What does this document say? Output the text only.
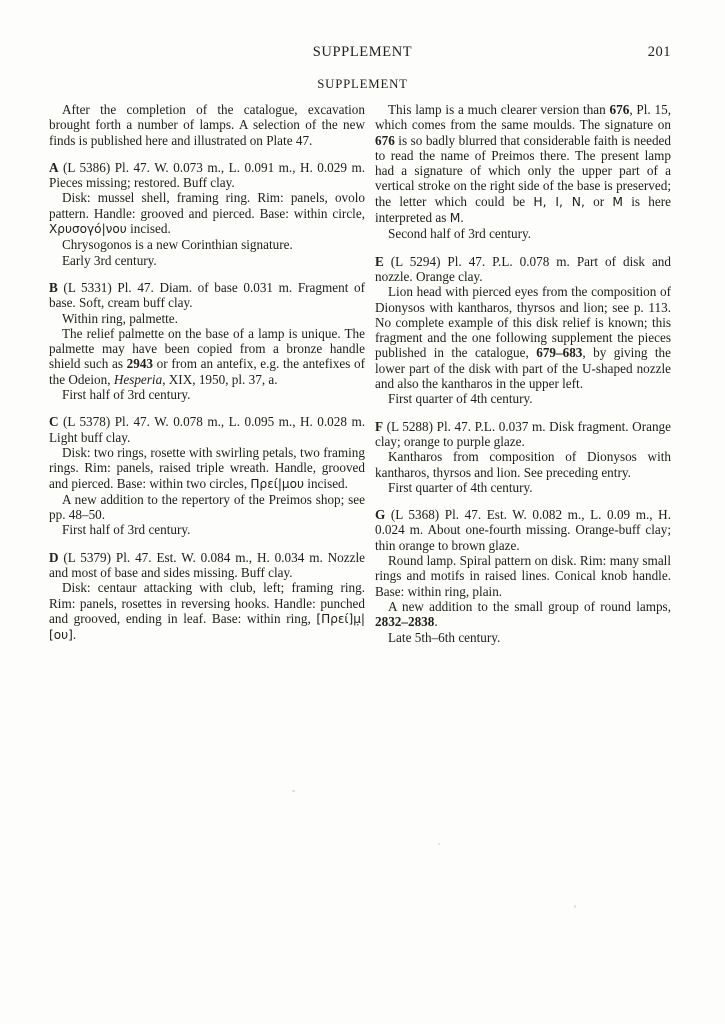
SUPPLEMENT	201
SUPPLEMENT

After the completion of the catalogue, excavation brought forth a number of lamps. A selection of the new finds is published here and illustrated on Plate 47.

A (L 5386) Pl. 47. W. 0.073 m., L. 0.091 m., H. 0.029 m. Pieces missing; restored. Buff clay.

Disk: mussel shell, framing ring. Rim: panels, ovolo pattern. Handle: grooved and pierced. Base: within circle, Χρυσογό|νου incised.

Chrysogonos is a new Corinthian signature.

Early 3rd century.

B (L 5331) Pl. 47. Diam. of base 0.031 m. Fragment of base. Soft, cream buff clay.

Within ring, palmette.

The relief palmette on the base of a lamp is unique. The palmette may have been copied from a bronze handle shield such as 2943 or from an antefix, e.g. the antefixes of the Odeion, Hesperia, XIX, 1950, pl. 37, a.

First half of 3rd century.

C (L 5378) Pl. 47. W. 0.078 m., L. 0.095 m., H. 0.028 m. Light buff clay.

Disk: two rings, rosette with swirling petals, two framing rings. Rim: panels, raised triple wreath. Handle, grooved and pierced. Base: within two circles, Πρεί|μου incised.

A new addition to the repertory of the Preimos shop; see pp. 48–50.

First half of 3rd century.

D (L 5379) Pl. 47. Est. W. 0.084 m., H. 0.034 m. Nozzle and most of base and sides missing. Buff clay.

Disk: centaur attacking with club, left; framing ring. Rim: panels, rosettes in reversing hooks. Handle: punched and grooved, ending in leaf. Base: within ring, [Πρεί]μ̣|[ου].

This lamp is a much clearer version than 676, Pl. 15, which comes from the same moulds. The signature on 676 is so badly blurred that considerable faith is needed to read the name of Preimos there. The present lamp had a signature of which only the upper part of a vertical stroke on the right side of the base is preserved; the letter which could be H, I, N, or M is here interpreted as M.

Second half of 3rd century.

E (L 5294) Pl. 47. P.L. 0.078 m. Part of disk and nozzle. Orange clay.

Lion head with pierced eyes from the composition of Dionysos with kantharos, thyrsos and lion; see p. 113. No complete example of this disk relief is known; this fragment and the one following supplement the pieces published in the catalogue, 679–683, by giving the lower part of the disk with part of the U-shaped nozzle and also the kantharos in the upper left.

First quarter of 4th century.

F (L 5288) Pl. 47. P.L. 0.037 m. Disk fragment. Orange clay; orange to purple glaze.

Kantharos from composition of Dionysos with kantharos, thyrsos and lion. See preceding entry.

First quarter of 4th century.

G (L 5368) Pl. 47. Est. W. 0.082 m., L. 0.09 m., H. 0.024 m. About one-fourth missing. Orange-buff clay; thin orange to brown glaze.

Round lamp. Spiral pattern on disk. Rim: many small rings and motifs in raised lines. Conical knob handle. Base: within ring, plain.

A new addition to the small group of round lamps, 2832–2838.

Late 5th–6th century.
